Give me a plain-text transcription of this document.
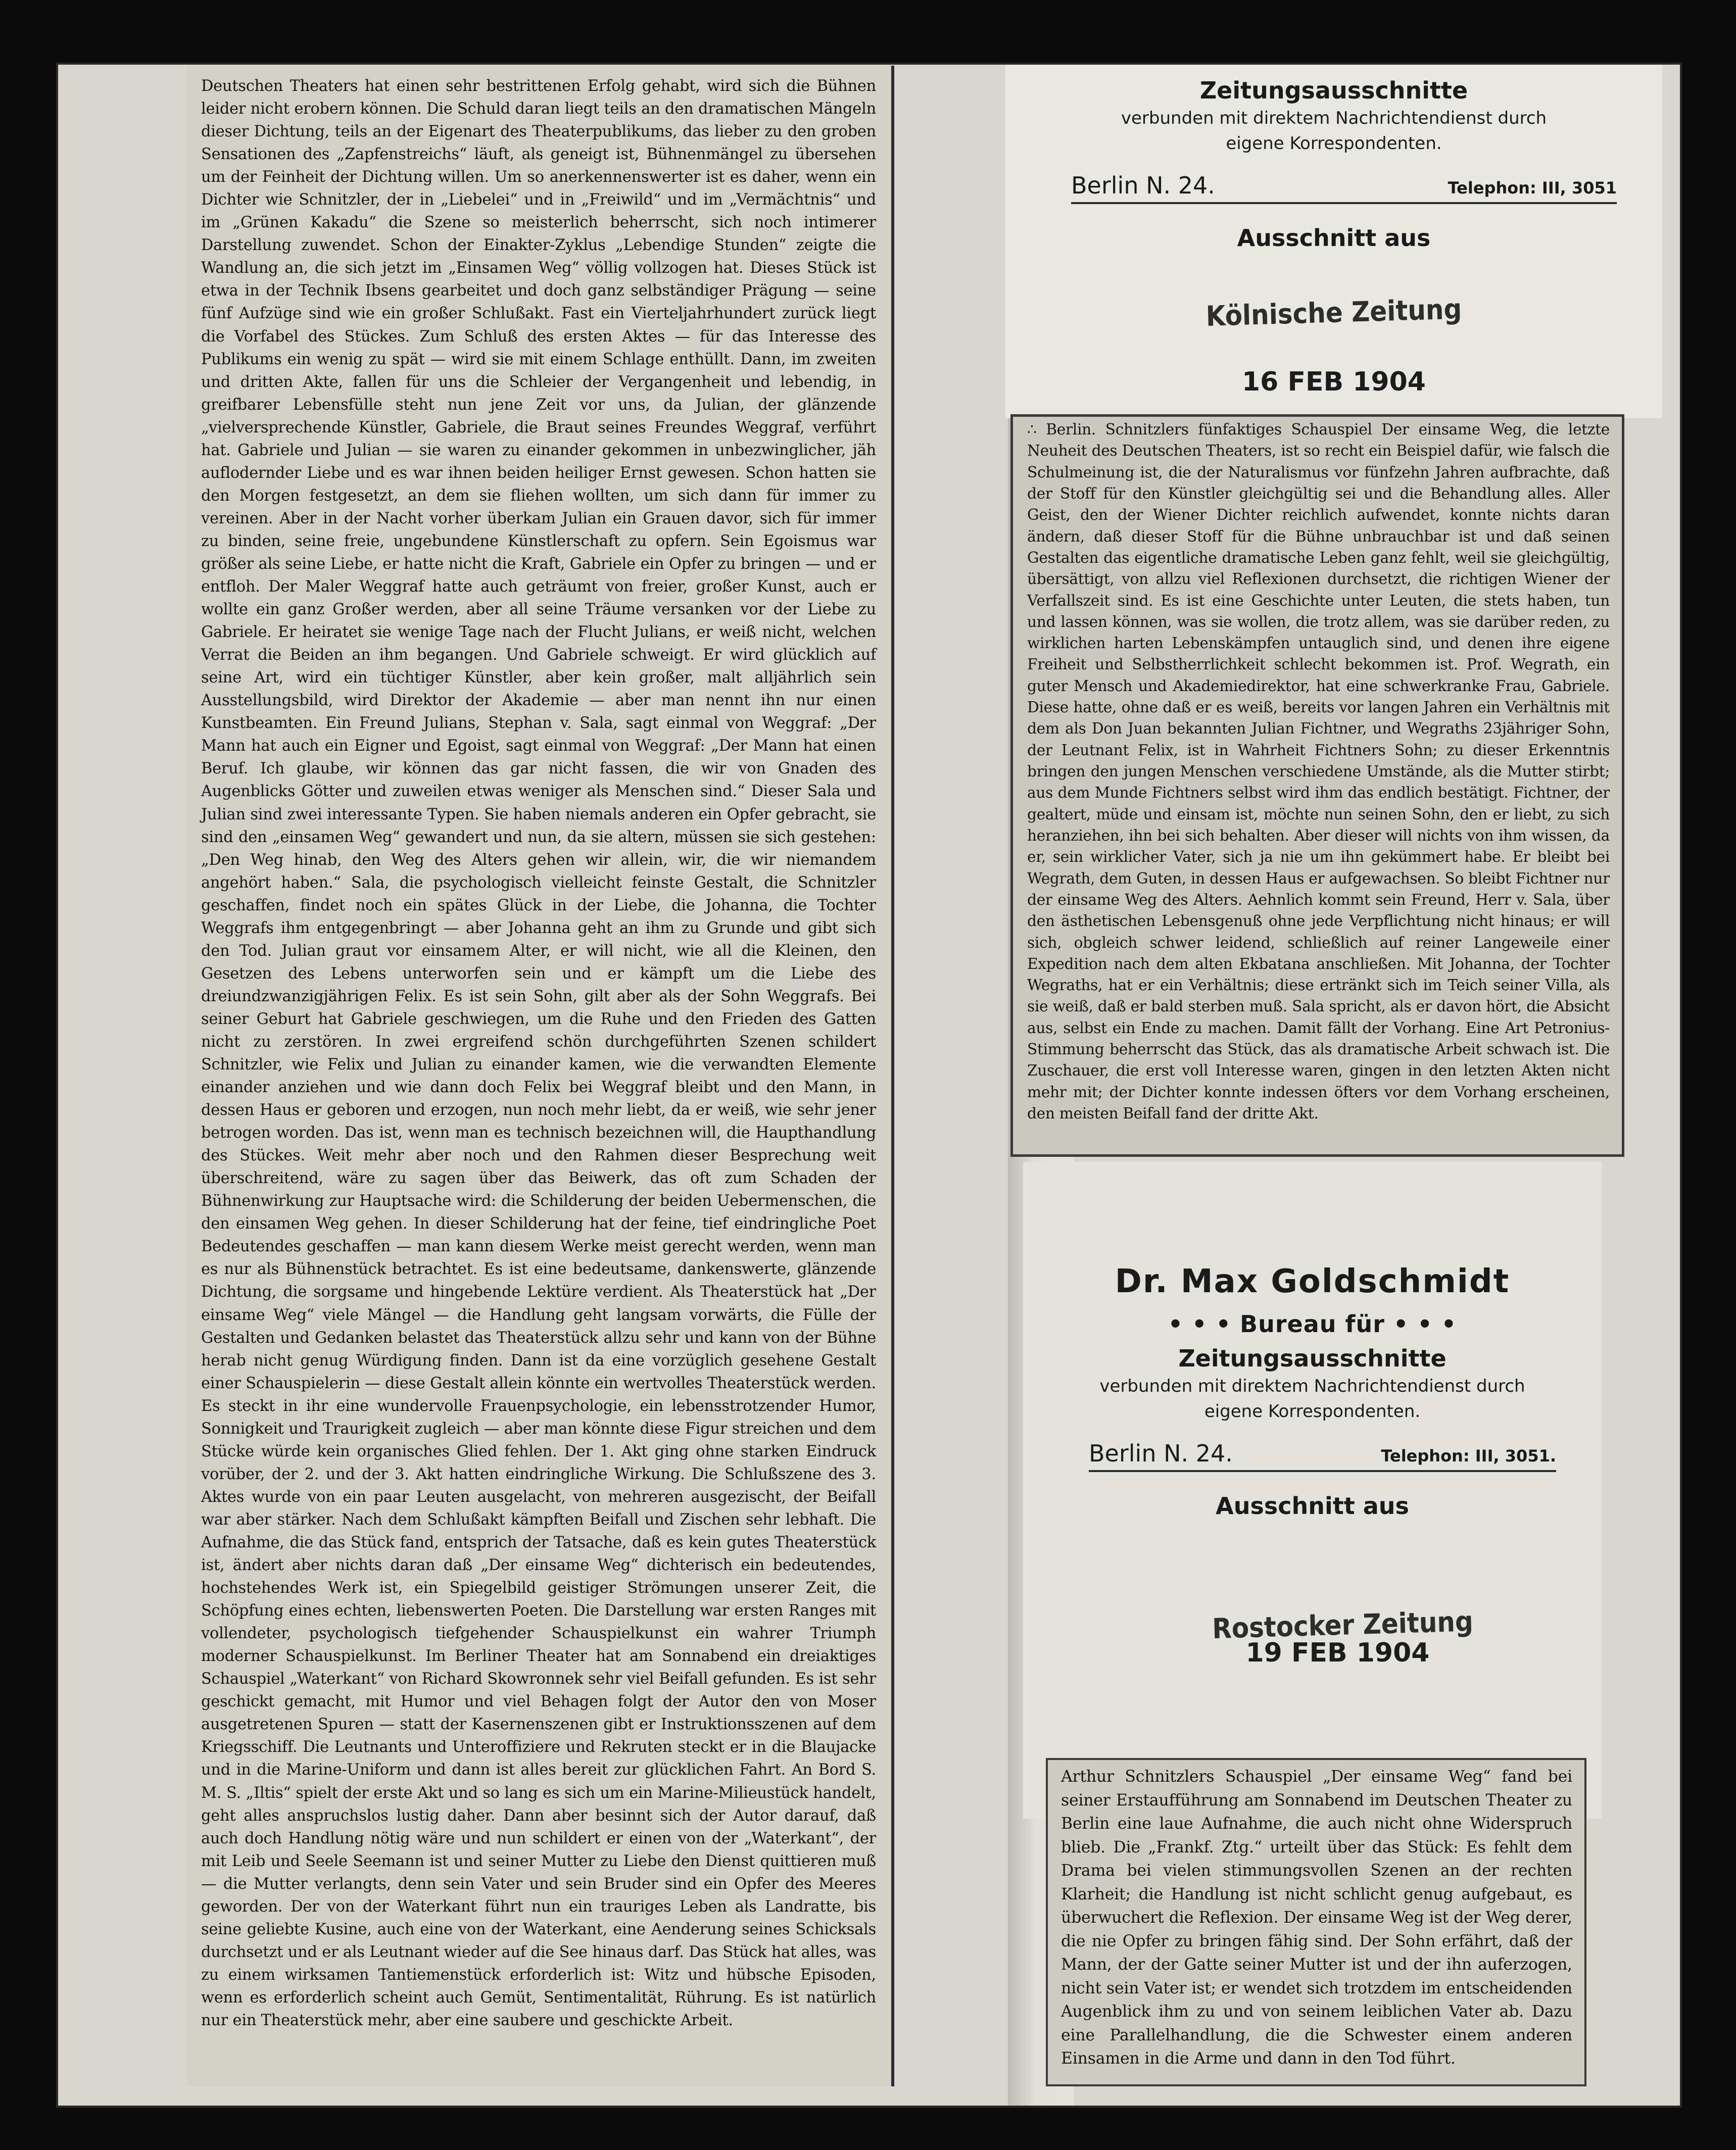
Deutschen Theaters hat einen sehr bestrittenen Erfolg gehabt, wird sich die Bühnen leider nicht erobern können. Die Schuld daran liegt teils an den dramatischen Mängeln dieser Dichtung, teils an der Eigenart des Theaterpublikums, das lieber zu den groben Sensationen des „Zapfenstreichs“ läuft, als geneigt ist, Bühnenmängel zu übersehen um der Feinheit der Dichtung willen. Um so anerkennenswerter ist es daher, wenn ein Dichter wie Schnitzler, der in „Liebelei“ und in „Freiwild“ und im „Vermächtnis“ und im „Grünen Kakadu“ die Szene so meisterlich beherrscht, sich noch intimerer Darstellung zuwendet. Schon der Einakter-Zyklus „Lebendige Stunden“ zeigte die Wandlung an, die sich jetzt im „Einsamen Weg“ völlig vollzogen hat. Dieses Stück ist etwa in der Technik Ibsens gearbeitet und doch ganz selbständiger Prägung — seine fünf Aufzüge sind wie ein großer Schlußakt. Fast ein Vierteljahrhundert zurück liegt die Vorfabel des Stückes. Zum Schluß des ersten Aktes — für das Interesse des Publikums ein wenig zu spät — wird sie mit einem Schlage enthüllt. Dann, im zweiten und dritten Akte, fallen für uns die Schleier der Vergangenheit und lebendig, in greifbarer Lebensfülle steht nun jene Zeit vor uns, da Julian, der glänzende „vielversprechende Künstler, Gabriele, die Braut seines Freundes Weggraf, verführt hat. Gabriele und Julian — sie waren zu einander gekommen in unbezwinglicher, jäh auflodernder Liebe und es war ihnen beiden heiliger Ernst gewesen. Schon hatten sie den Morgen festgesetzt, an dem sie fliehen wollten, um sich dann für immer zu vereinen. Aber in der Nacht vorher überkam Julian ein Grauen davor, sich für immer zu binden, seine freie, ungebundene Künstlerschaft zu opfern. Sein Egoismus war größer als seine Liebe, er hatte nicht die Kraft, Gabriele ein Opfer zu bringen — und er entfloh. Der Maler Weggraf hatte auch geträumt von freier, großer Kunst, auch er wollte ein ganz Großer werden, aber all seine Träume versanken vor der Liebe zu Gabriele. Er heiratet sie wenige Tage nach der Flucht Julians, er weiß nicht, welchen Verrat die Beiden an ihm begangen. Und Gabriele schweigt. Er wird glücklich auf seine Art, wird ein tüchtiger Künstler, aber kein großer, malt alljährlich sein Ausstellungsbild, wird Direktor der Akademie — aber man nennt ihn nur einen Kunstbeamten. Ein Freund Julians, Stephan v. Sala, sagt einmal von Weggraf: „Der Mann hat auch ein Eigner und Egoist, sagt einmal von Weggraf: „Der Mann hat einen Beruf. Ich glaube, wir können das gar nicht fassen, die wir von Gnaden des Augenblicks Götter und zuweilen etwas weniger als Menschen sind.“ Dieser Sala und Julian sind zwei interessante Typen. Sie haben niemals anderen ein Opfer gebracht, sie sind den „einsamen Weg“ gewandert und nun, da sie altern, müssen sie sich gestehen: „Den Weg hinab, den Weg des Alters gehen wir allein, wir, die wir niemandem angehört haben.“ Sala, die psychologisch vielleicht feinste Gestalt, die Schnitzler geschaffen, findet noch ein spätes Glück in der Liebe, die Johanna, die Tochter Weggrafs ihm entgegenbringt — aber Johanna geht an ihm zu Grunde und gibt sich den Tod. Julian graut vor einsamem Alter, er will nicht, wie all die Kleinen, den Gesetzen des Lebens unterworfen sein und er kämpft um die Liebe des dreiundzwanzigjährigen Felix. Es ist sein Sohn, gilt aber als der Sohn Weggrafs. Bei seiner Geburt hat Gabriele geschwiegen, um die Ruhe und den Frieden des Gatten nicht zu zerstören. In zwei ergreifend schön durchgeführten Szenen schildert Schnitzler, wie Felix und Julian zu einander kamen, wie die verwandten Elemente einander anziehen und wie dann doch Felix bei Weggraf bleibt und den Mann, in dessen Haus er geboren und erzogen, nun noch mehr liebt, da er weiß, wie sehr jener betrogen worden. Das ist, wenn man es technisch bezeichnen will, die Haupthandlung des Stückes. Weit mehr aber noch und den Rahmen dieser Besprechung weit überschreitend, wäre zu sagen über das Beiwerk, das oft zum Schaden der Bühnenwirkung zur Hauptsache wird: die Schilderung der beiden Uebermenschen, die den einsamen Weg gehen. In dieser Schilderung hat der feine, tief eindringliche Poet Bedeutendes geschaffen — man kann diesem Werke meist gerecht werden, wenn man es nur als Bühnenstück betrachtet. Es ist eine bedeutsame, dankenswerte, glänzende Dichtung, die sorgsame und hingebende Lektüre verdient. Als Theaterstück hat „Der einsame Weg“ viele Mängel — die Handlung geht langsam vorwärts, die Fülle der Gestalten und Gedanken belastet das Theaterstück allzu sehr und kann von der Bühne herab nicht genug Würdigung finden. Dann ist da eine vorzüglich gesehene Gestalt einer Schauspielerin — diese Gestalt allein könnte ein wertvolles Theaterstück werden. Es steckt in ihr eine wundervolle Frauenpsychologie, ein lebensstrotzender Humor, Sonnigkeit und Traurigkeit zugleich — aber man könnte diese Figur streichen und dem Stücke würde kein organisches Glied fehlen. Der 1. Akt ging ohne starken Eindruck vorüber, der 2. und der 3. Akt hatten eindringliche Wirkung. Die Schlußszene des 3. Aktes wurde von ein paar Leuten ausgelacht, von mehreren ausgezischt, der Beifall war aber stärker. Nach dem Schlußakt kämpften Beifall und Zischen sehr lebhaft. Die Aufnahme, die das Stück fand, entsprich der Tatsache, daß es kein gutes Theaterstück ist, ändert aber nichts daran daß „Der einsame Weg“ dichterisch ein bedeutendes, hochstehendes Werk ist, ein Spiegelbild geistiger Strömungen unserer Zeit, die Schöpfung eines echten, liebenswerten Poeten. Die Darstellung war ersten Ranges mit vollendeter, psychologisch tiefgehender Schauspielkunst ein wahrer Triumph moderner Schauspielkunst. Im Berliner Theater hat am Sonnabend ein dreiaktiges Schauspiel „Waterkant“ von Richard Skowronnek sehr viel Beifall gefunden. Es ist sehr geschickt gemacht, mit Humor und viel Behagen folgt der Autor den von Moser ausgetretenen Spuren — statt der Kasernenszenen gibt er Instruktionsszenen auf dem Kriegsschiff. Die Leutnants und Unteroffiziere und Rekruten steckt er in die Blaujacke und in die Marine-Uniform und dann ist alles bereit zur glücklichen Fahrt. An Bord S. M. S. „Iltis“ spielt der erste Akt und so lang es sich um ein Marine-Milieustück handelt, geht alles anspruchslos lustig daher. Dann aber besinnt sich der Autor darauf, daß auch doch Handlung nötig wäre und nun schildert er einen von der „Waterkant“, der mit Leib und Seele Seemann ist und seiner Mutter zu Liebe den Dienst quittieren muß — die Mutter verlangts, denn sein Vater und sein Bruder sind ein Opfer des Meeres geworden. Der von der Waterkant führt nun ein trauriges Leben als Landratte, bis seine geliebte Kusine, auch eine von der Waterkant, eine Aenderung seines Schicksals durchsetzt und er als Leutnant wieder auf die See hinaus darf. Das Stück hat alles, was zu einem wirksamen Tantiemenstück erforderlich ist: Witz und hübsche Episoden, wenn es erforderlich scheint auch Gemüt, Sentimentalität, Rührung. Es ist natürlich nur ein Theaterstück mehr, aber eine saubere und geschickte Arbeit.

Zeitungsausschnitte
verbunden mit direktem Nachrichtendienst durch
eigene Korrespondenten.
Berlin N. 24.	Telephon: III, 3051
Ausschnitt aus
Kölnische Zeitung
16 FEB 1904

∴ Berlin. Schnitzlers fünfaktiges Schauspiel Der einsame Weg, die letzte Neuheit des Deutschen Theaters, ist so recht ein Beispiel dafür, wie falsch die Schulmeinung ist, die der Naturalismus vor fünfzehn Jahren aufbrachte, daß der Stoff für den Künstler gleichgültig sei und die Behandlung alles. Aller Geist, den der Wiener Dichter reichlich aufwendet, konnte nichts daran ändern, daß dieser Stoff für die Bühne unbrauchbar ist und daß seinen Gestalten das eigentliche dramatische Leben ganz fehlt, weil sie gleichgültig, übersättigt, von allzu viel Reflexionen durchsetzt, die richtigen Wiener der Verfallszeit sind. Es ist eine Geschichte unter Leuten, die stets haben, tun und lassen können, was sie wollen, die trotz allem, was sie darüber reden, zu wirklichen harten Lebenskämpfen untauglich sind, und denen ihre eigene Freiheit und Selbstherrlichkeit schlecht bekommen ist. Prof. Wegrath, ein guter Mensch und Akademiedirektor, hat eine schwerkranke Frau, Gabriele. Diese hatte, ohne daß er es weiß, bereits vor langen Jahren ein Verhältnis mit dem als Don Juan bekannten Julian Fichtner, und Wegraths 23jähriger Sohn, der Leutnant Felix, ist in Wahrheit Fichtners Sohn; zu dieser Erkenntnis bringen den jungen Menschen verschiedene Umstände, als die Mutter stirbt; aus dem Munde Fichtners selbst wird ihm das endlich bestätigt. Fichtner, der gealtert, müde und einsam ist, möchte nun seinen Sohn, den er liebt, zu sich heranziehen, ihn bei sich behalten. Aber dieser will nichts von ihm wissen, da er, sein wirklicher Vater, sich ja nie um ihn gekümmert habe. Er bleibt bei Wegrath, dem Guten, in dessen Haus er aufgewachsen. So bleibt Fichtner nur der einsame Weg des Alters. Aehnlich kommt sein Freund, Herr v. Sala, über den ästhetischen Lebensgenuß ohne jede Verpflichtung nicht hinaus; er will sich, obgleich schwer leidend, schließlich auf reiner Langeweile einer Expedition nach dem alten Ekbatana anschließen. Mit Johanna, der Tochter Wegraths, hat er ein Verhältnis; diese ertränkt sich im Teich seiner Villa, als sie weiß, daß er bald sterben muß. Sala spricht, als er davon hört, die Absicht aus, selbst ein Ende zu machen. Damit fällt der Vorhang. Eine Art Petronius-Stimmung beherrscht das Stück, das als dramatische Arbeit schwach ist. Die Zuschauer, die erst voll Interesse waren, gingen in den letzten Akten nicht mehr mit; der Dichter konnte indessen öfters vor dem Vorhang erscheinen, den meisten Beifall fand der dritte Akt.

Dr. Max Goldschmidt
• • • Bureau für • • •
Zeitungsausschnitte
verbunden mit direktem Nachrichtendienst durch
eigene Korrespondenten.
Berlin N. 24.	Telephon: III, 3051.
Ausschnitt aus
Rostocker Zeitung
19 FEB 1904

Arthur Schnitzlers Schauspiel „Der einsame Weg“ fand bei seiner Erstaufführung am Sonnabend im Deutschen Theater zu Berlin eine laue Aufnahme, die auch nicht ohne Widerspruch blieb. Die „Frankf. Ztg.“ urteilt über das Stück: Es fehlt dem Drama bei vielen stimmungsvollen Szenen an der rechten Klarheit; die Handlung ist nicht schlicht genug aufgebaut, es überwuchert die Reflexion. Der einsame Weg ist der Weg derer, die nie Opfer zu bringen fähig sind. Der Sohn erfährt, daß der Mann, der der Gatte seiner Mutter ist und der ihn auferzogen, nicht sein Vater ist; er wendet sich trotzdem im entscheidenden Augenblick ihm zu und von seinem leiblichen Vater ab. Dazu eine Parallelhandlung, die die Schwester einem anderen Einsamen in die Arme und dann in den Tod führt.
